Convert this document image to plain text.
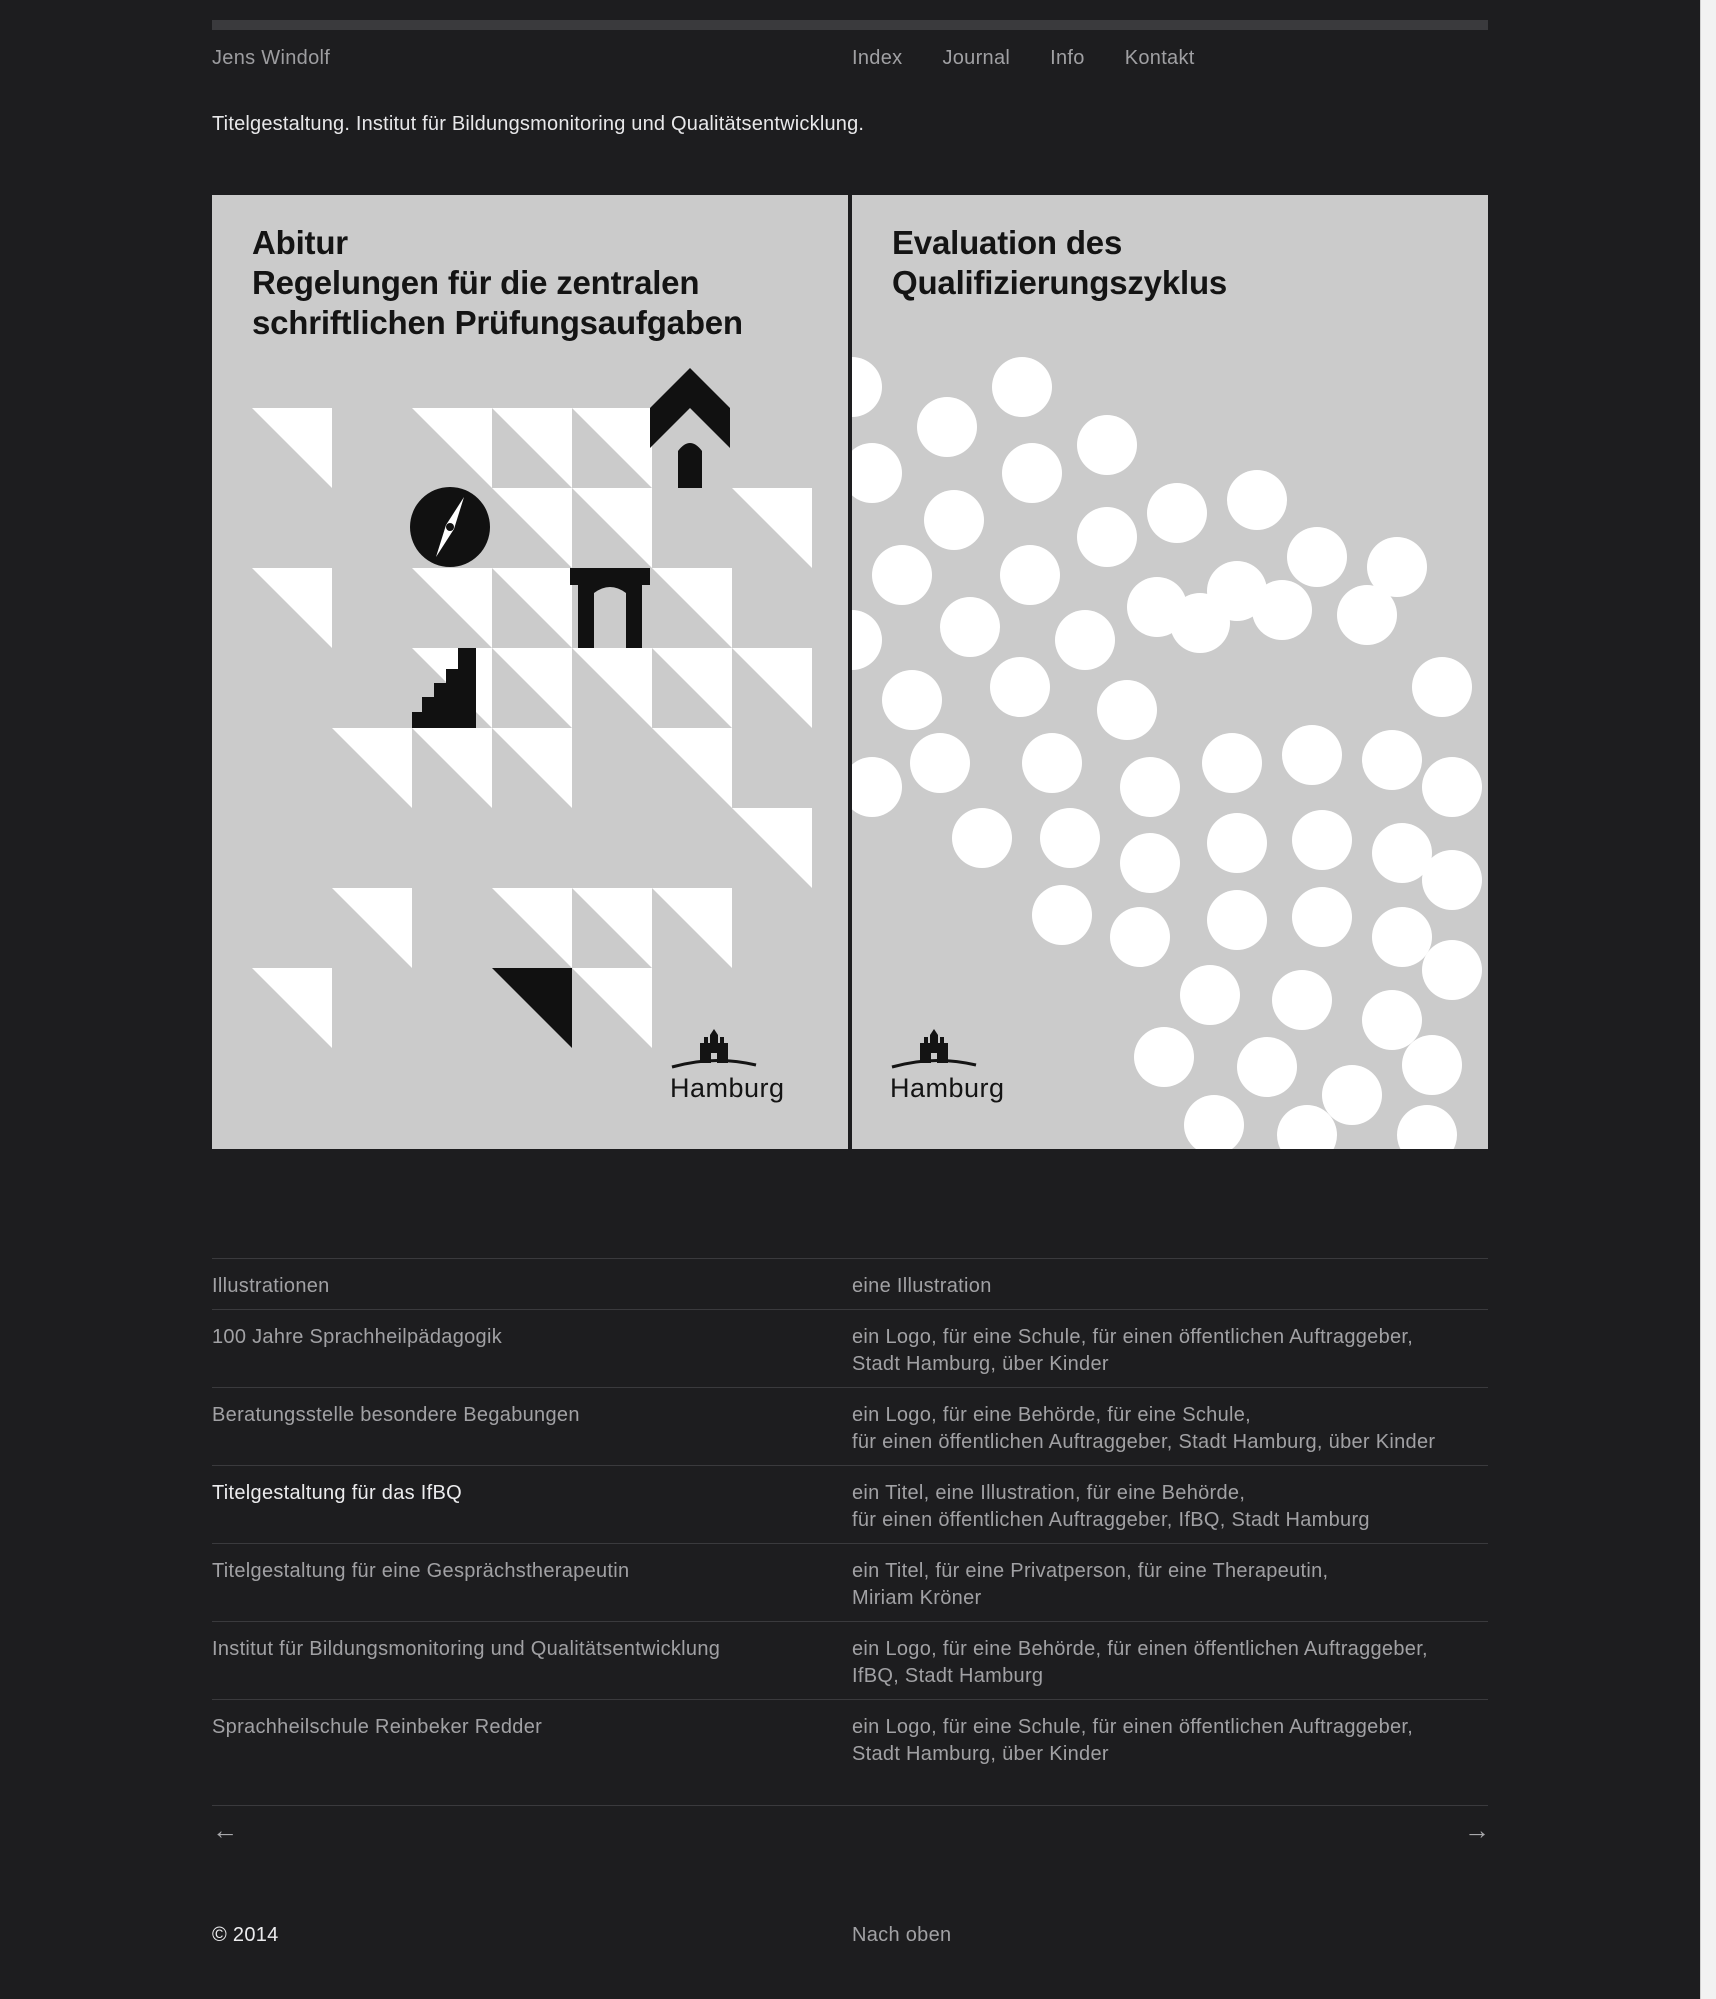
Jens Windolf	Index Journal Info Kontakt
Titelgestaltung. Institut für Bildungsmonitoring und Qualitätsentwicklung.
Abitur
Regelungen für die zentralen
schriftlichen Prüfungsaufgaben
Hamburg
Evaluation des
Qualifizierungszyklus
Hamburg
Illustrationen	eine Illustration
100 Jahre Sprachheilpädagogik	ein Logo, für eine Schule, für einen öffentlichen Auftraggeber,
Stadt Hamburg, über Kinder
Beratungsstelle besondere Begabungen	ein Logo, für eine Behörde, für eine Schule,
für einen öffentlichen Auftraggeber, Stadt Hamburg, über Kinder
Titelgestaltung für das IfBQ	ein Titel, eine Illustration, für eine Behörde,
für einen öffentlichen Auftraggeber, IfBQ, Stadt Hamburg
Titelgestaltung für eine Gesprächstherapeutin	ein Titel, für eine Privatperson, für eine Therapeutin,
Miriam Kröner
Institut für Bildungsmonitoring und Qualitätsentwicklung	ein Logo, für eine Behörde, für einen öffentlichen Auftraggeber,
IfBQ, Stadt Hamburg
Sprachheilschule Reinbeker Redder	ein Logo, für eine Schule, für einen öffentlichen Auftraggeber,
Stadt Hamburg, über Kinder
←	→
© 2014	Nach oben
